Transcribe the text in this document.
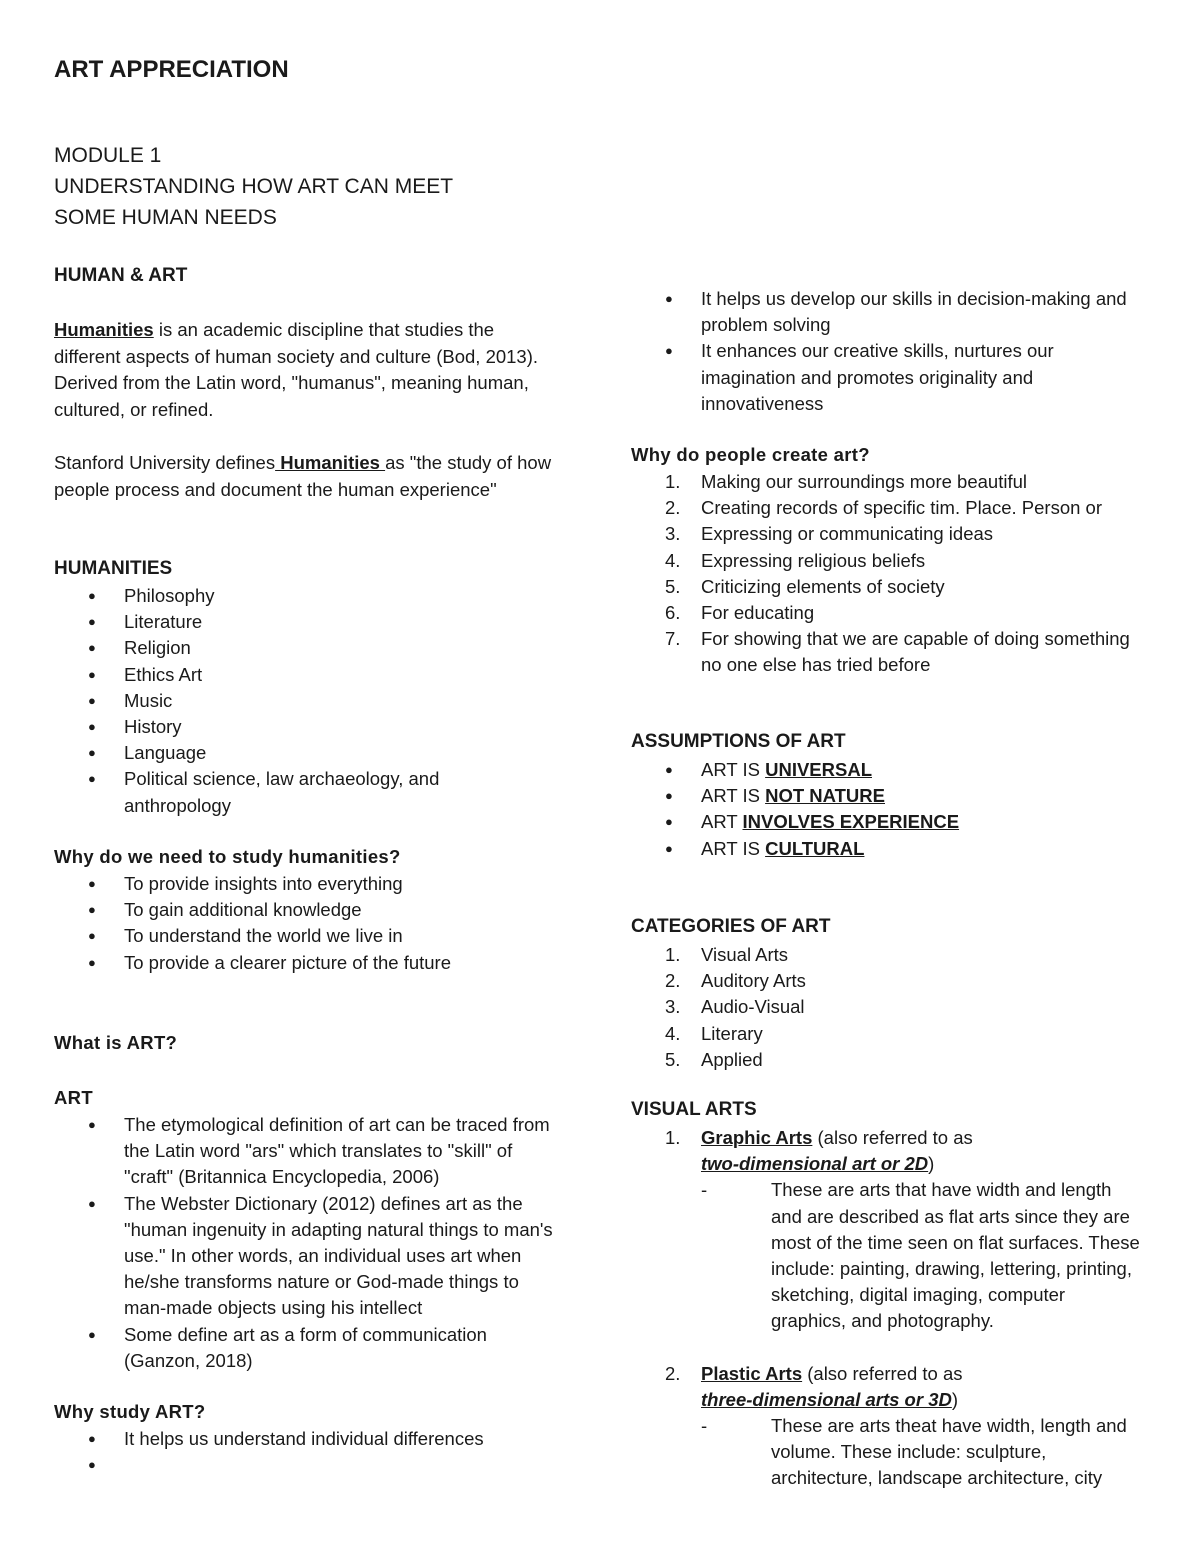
ART APPRECIATION
MODULE 1
UNDERSTANDING HOW ART CAN MEET
SOME HUMAN NEEDS
HUMAN & ART
Humanities is an academic discipline that studies the different aspects of human society and culture (Bod, 2013). Derived from the Latin word, "humanus", meaning human, cultured, or refined.
Stanford University defines Humanities as "the study of how people process and document the human experience"
HUMANITIES
● Philosophy
● Literature
● Religion
● Ethics Art
● Music
● History
● Language
● Political science, law archaeology, and anthropology
Why do we need to study humanities?
● To provide insights into everything
● To gain additional knowledge
● To understand the world we live in
● To provide a clearer picture of the future
What is ART?
ART
● The etymological definition of art can be traced from the Latin word "ars" which translates to "skill" of "craft" (Britannica Encyclopedia, 2006)
● The Webster Dictionary (2012) defines art as the "human ingenuity in adapting natural things to man's use." In other words, an individual uses art when he/she transforms nature or God-made things to man-made objects using his intellect
● Some define art as a form of communication (Ganzon, 2018)
Why study ART?
● It helps us understand individual differences
●
● It helps us develop our skills in decision-making and problem solving
● It enhances our creative skills, nurtures our imagination and promotes originality and innovativeness
Why do people create art?
1. Making our surroundings more beautiful
2. Creating records of specific tim. Place. Person or
3. Expressing or communicating ideas
4. Expressing religious beliefs
5. Criticizing elements of society
6. For educating
7. For showing that we are capable of doing something no one else has tried before
ASSUMPTIONS OF ART
● ART IS UNIVERSAL
● ART IS NOT NATURE
● ART INVOLVES EXPERIENCE
● ART IS CULTURAL
CATEGORIES OF ART
1. Visual Arts
2. Auditory Arts
3. Audio-Visual
4. Literary
5. Applied
VISUAL ARTS
1. Graphic Arts (also referred to as
two-dimensional art or 2D)
-	These are arts that have width and length and are described as flat arts since they are most of the time seen on flat surfaces. These include: painting, drawing, lettering, printing, sketching, digital imaging, computer graphics, and photography.
2. Plastic Arts (also referred to as
three-dimensional arts or 3D)
-	These are arts theat have width, length and volume. These include: sculpture, architecture, landscape architecture, city
